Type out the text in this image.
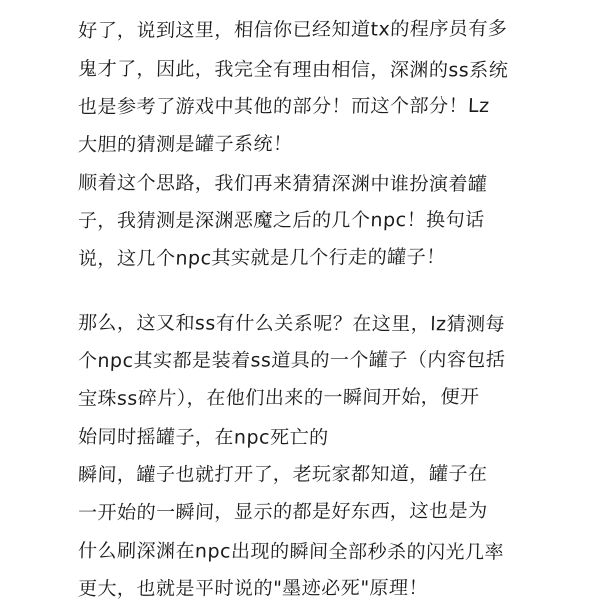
好了，说到这里，相信你已经知道tx的程序员有多
鬼才了，因此，我完全有理由相信，深渊的ss系统
也是参考了游戏中其他的部分！而这个部分！Lz
大胆的猜测是罐子系统！
顺着这个思路，我们再来猜猜深渊中谁扮演着罐
子，我猜测是深渊恶魔之后的几个npc！换句话
说，这几个npc其实就是几个行走的罐子！
那么，这又和ss有什么关系呢？在这里，lz猜测每
个npc其实都是装着ss道具的一个罐子（内容包括
宝珠ss碎片），在他们出来的一瞬间开始，便开
始同时摇罐子，在npc死亡的
瞬间，罐子也就打开了，老玩家都知道，罐子在
一开始的一瞬间，显示的都是好东西，这也是为
什么刷深渊在npc出现的瞬间全部秒杀的闪光几率
更大，也就是平时说的"墨迹必死"原理！
